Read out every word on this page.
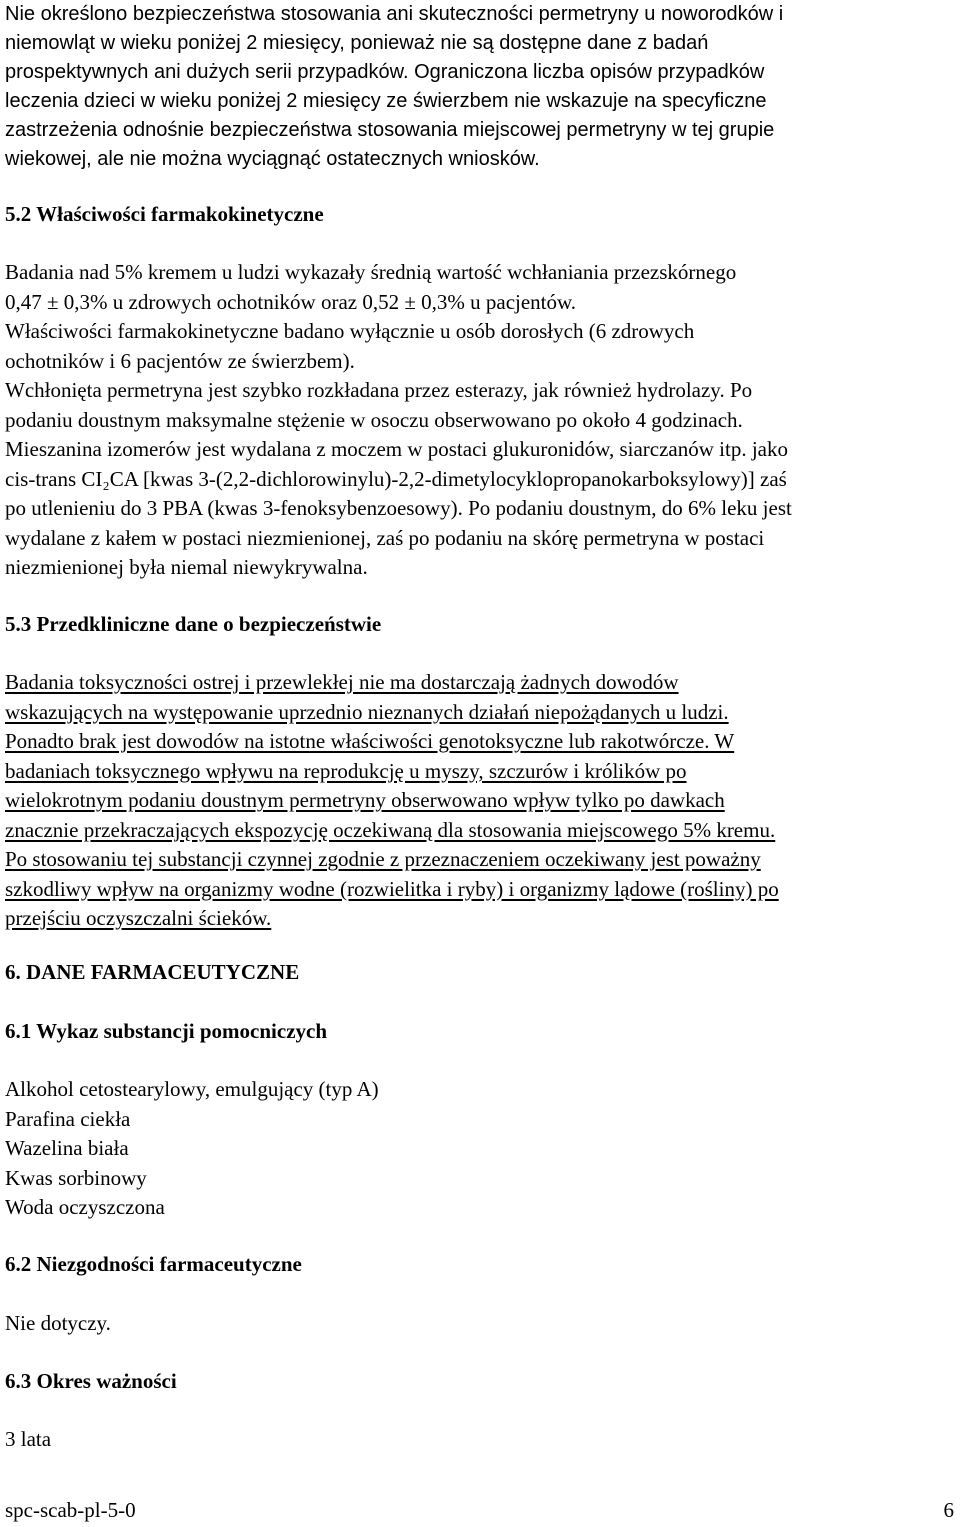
Nie określono bezpieczeństwa stosowania ani skuteczności permetryny u noworodków i
niemowląt w wieku poniżej 2 miesięcy, ponieważ nie są dostępne dane z badań
prospektywnych ani dużych serii przypadków. Ograniczona liczba opisów przypadków
leczenia dzieci w wieku poniżej 2 miesięcy ze świerzbem nie wskazuje na specyficzne
zastrzeżenia odnośnie bezpieczeństwa stosowania miejscowej permetryny w tej grupie
wiekowej, ale nie można wyciągnąć ostatecznych wniosków.
5.2 Właściwości farmakokinetyczne
Badania nad 5% kremem u ludzi wykazały średnią wartość wchłaniania przezskórnego
0,47 ± 0,3% u zdrowych ochotników oraz 0,52 ± 0,3% u pacjentów.
Właściwości farmakokinetyczne badano wyłącznie u osób dorosłych (6 zdrowych
ochotników i 6 pacjentów ze świerzbem).
Wchłonięta permetryna jest szybko rozkładana przez esterazy, jak również hydrolazy. Po
podaniu doustnym maksymalne stężenie w osoczu obserwowano po około 4 godzinach.
Mieszanina izomerów jest wydalana z moczem w postaci glukuronidów, siarczanów itp. jako
cis-trans CI₂CA [kwas 3-(2,2-dichlorowinylu)-2,2-dimetylocyklopropanokarboksylowy)] zaś
po utlenieniu do 3 PBA (kwas 3-fenoksybenzoesowy). Po podaniu doustnym, do 6% leku jest
wydalane z kałem w postaci niezmienionej, zaś po podaniu na skórę permetryna w postaci
niezmienionej była niemal niewykrywalna.
5.3 Przedkliniczne dane o bezpieczeństwie
Badania toksyczności ostrej i przewlekłej nie ma dostarczają żadnych dowodów
wskazujących na występowanie uprzednio nieznanych działań niepożądanych u ludzi.
Ponadto brak jest dowodów na istotne właściwości genotoksyczne lub rakotwórcze. W
badaniach toksycznego wpływu na reprodukcję u myszy, szczurów i królików po
wielokrotnym podaniu doustnym permetryny obserwowano wpływ tylko po dawkach
znacznie przekraczających ekspozycję oczekiwaną dla stosowania miejscowego 5% kremu.
Po stosowaniu tej substancji czynnej zgodnie z przeznaczeniem oczekiwany jest poważny
szkodliwy wpływ na organizmy wodne (rozwielitka i ryby) i organizmy lądowe (rośliny) po
przejściu oczyszczalni ścieków.
6. DANE FARMACEUTYCZNE
6.1 Wykaz substancji pomocniczych
Alkohol cetostearylowy, emulgujący (typ A)
Parafina ciekła
Wazelina biała
Kwas sorbinowy
Woda oczyszczona
6.2 Niezgodności farmaceutyczne
Nie dotyczy.
6.3 Okres ważności
3 lata
spc-scab-pl-5-0	6
